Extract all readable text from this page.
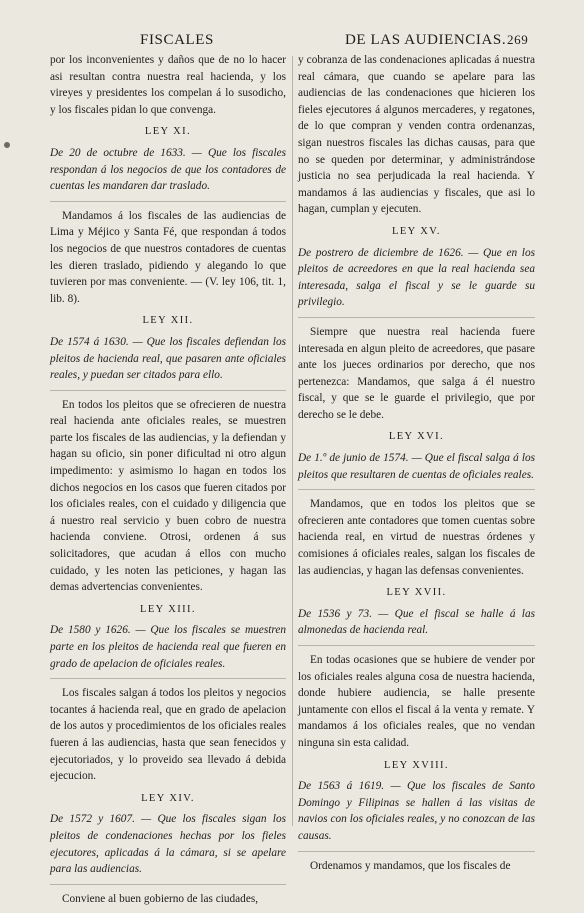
FISCALES	DE LAS AUDIENCIAS. 269

por los inconvenientes y daños que de no lo hacer asi resultan contra nuestra real hacienda, y los vireyes y presidentes los compelan á lo susodicho, y los fiscales pidan lo que convenga.

LEY XI.

De 20 de octubre de 1633. — Que los fiscales respondan á los negocios de que los contadores de cuentas les mandaren dar traslado.

Mandamos á los fiscales de las audiencias de Lima y Méjico y Santa Fé, que respondan á todos los negocios de que nuestros contadores de cuentas les dieren traslado, pidiendo y alegando lo que tuvieren por mas conveniente. — (V. ley 106, tit. 1, lib. 8).

LEY XII.

De 1574 á 1630. — Que los fiscales defiendan los pleitos de hacienda real, que pasaren ante oficiales reales, y puedan ser citados para ello.

En todos los pleitos que se ofrecieren de nuestra real hacienda ante oficiales reales, se muestren parte los fiscales de las audiencias, y la defiendan y hagan su oficio, sin poner dificultad ni otro algun impedimento: y asimismo lo hagan en todos los dichos negocios en los casos que fueren citados por los oficiales reales, con el cuidado y diligencia que á nuestro real servicio y buen cobro de nuestra hacienda conviene. Otrosi, ordenen á sus solicitadores, que acudan á ellos con mucho cuidado, y les noten las peticiones, y hagan las demas advertencias convenientes.

LEY XIII.

De 1580 y 1626. — Que los fiscales se muestren parte en los pleitos de hacienda real que fueren en grado de apelacion de oficiales reales.

Los fiscales salgan á todos los pleitos y negocios tocantes á hacienda real, que en grado de apelacion de los autos y procedimientos de los oficiales reales fueren á las audiencias, hasta que sean fenecidos y ejecutoriados, y lo proveido sea llevado á debida ejecucion.

LEY XIV.

De 1572 y 1607. — Que los fiscales sigan los pleitos de condenaciones hechas por los fieles ejecutores, aplicadas á la cámara, si se apelare para las audiencias.

Conviene al buen gobierno de las ciudades,

y cobranza de las condenaciones aplicadas á nuestra real cámara, que cuando se apelare para las audiencias de las condenaciones que hicieren los fieles ejecutores á algunos mercaderes, y regatones, de lo que compran y venden contra ordenanzas, sigan nuestros fiscales las dichas causas, para que no se queden por determinar, y administrándose justicia no sea perjudicada la real hacienda. Y mandamos á las audiencias y fiscales, que asi lo hagan, cumplan y ejecuten.

LEY XV.

De postrero de diciembre de 1626. — Que en los pleitos de acreedores en que la real hacienda sea interesada, salga el fiscal y se le guarde su privilegio.

Siempre que nuestra real hacienda fuere interesada en algun pleito de acreedores, que pasare ante los jueces ordinarios por derecho, que nos pertenezca: Mandamos, que salga á él nuestro fiscal, y que se le guarde el privilegio, que por derecho se le debe.

LEY XVI.

De 1.º de junio de 1574. — Que el fiscal salga á los pleitos que resultaren de cuentas de oficiales reales.

Mandamos, que en todos los pleitos que se ofrecieren ante contadores que tomen cuentas sobre hacienda real, en virtud de nuestras órdenes y comisiones á oficiales reales, salgan los fiscales de las audiencias, y hagan las defensas convenientes.

LEY XVII.

De 1536 y 73. — Que el fiscal se halle á las almonedas de hacienda real.

En todas ocasiones que se hubiere de vender por los oficiales reales alguna cosa de nuestra hacienda, donde hubiere audiencia, se halle presente juntamente con ellos el fiscal á la venta y remate. Y mandamos á los oficiales reales, que no vendan ninguna sin esta calidad.

LEY XVIII.

De 1563 á 1619. — Que los fiscales de Santo Domingo y Filipinas se hallen á las visitas de navios con los oficiales reales, y no conozcan de las causas.

Ordenamos y mandamos, que los fiscales de
